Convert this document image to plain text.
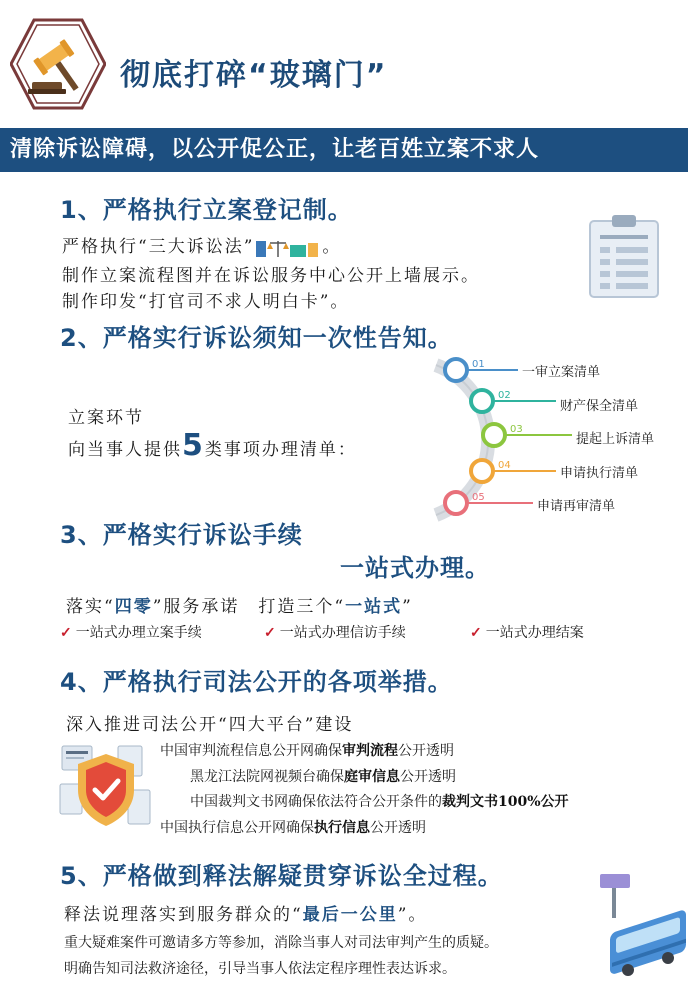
彻底打碎“玻璃门”
清除诉讼障碍，以公开促公正，让老百姓立案不求人
1、严格执行立案登记制。
严格执行“三大诉讼法”	。
制作立案流程图并在诉讼服务中心公开上墙展示。
制作印发“打官司不求人明白卡”。
2、严格实行诉讼须知一次性告知。
立案环节
向当事人提供5类事项办理清单：
01
一审立案清单
02
财产保全清单
03
提起上诉清单
04
申请执行清单
05
申请再审清单
3、严格实行诉讼手续
一站式办理。
落实“四零”服务承诺　打造三个“一站式”
✓ 一站式办理立案手续	✓ 一站式办理信访手续	✓ 一站式办理结案
4、严格执行司法公开的各项举措。
深入推进司法公开“四大平台”建设
中国审判流程信息公开网确保审判流程公开透明
黑龙江法院网视频台确保庭审信息公开透明
中国裁判文书网确保依法符合公开条件的裁判文书100%公开
中国执行信息公开网确保执行信息公开透明
5、严格做到释法解疑贯穿诉讼全过程。
释法说理落实到服务群众的“最后一公里”。
重大疑难案件可邀请多方等参加，消除当事人对司法审判产生的质疑。
明确告知司法救济途径，引导当事人依法定程序理性表达诉求。
